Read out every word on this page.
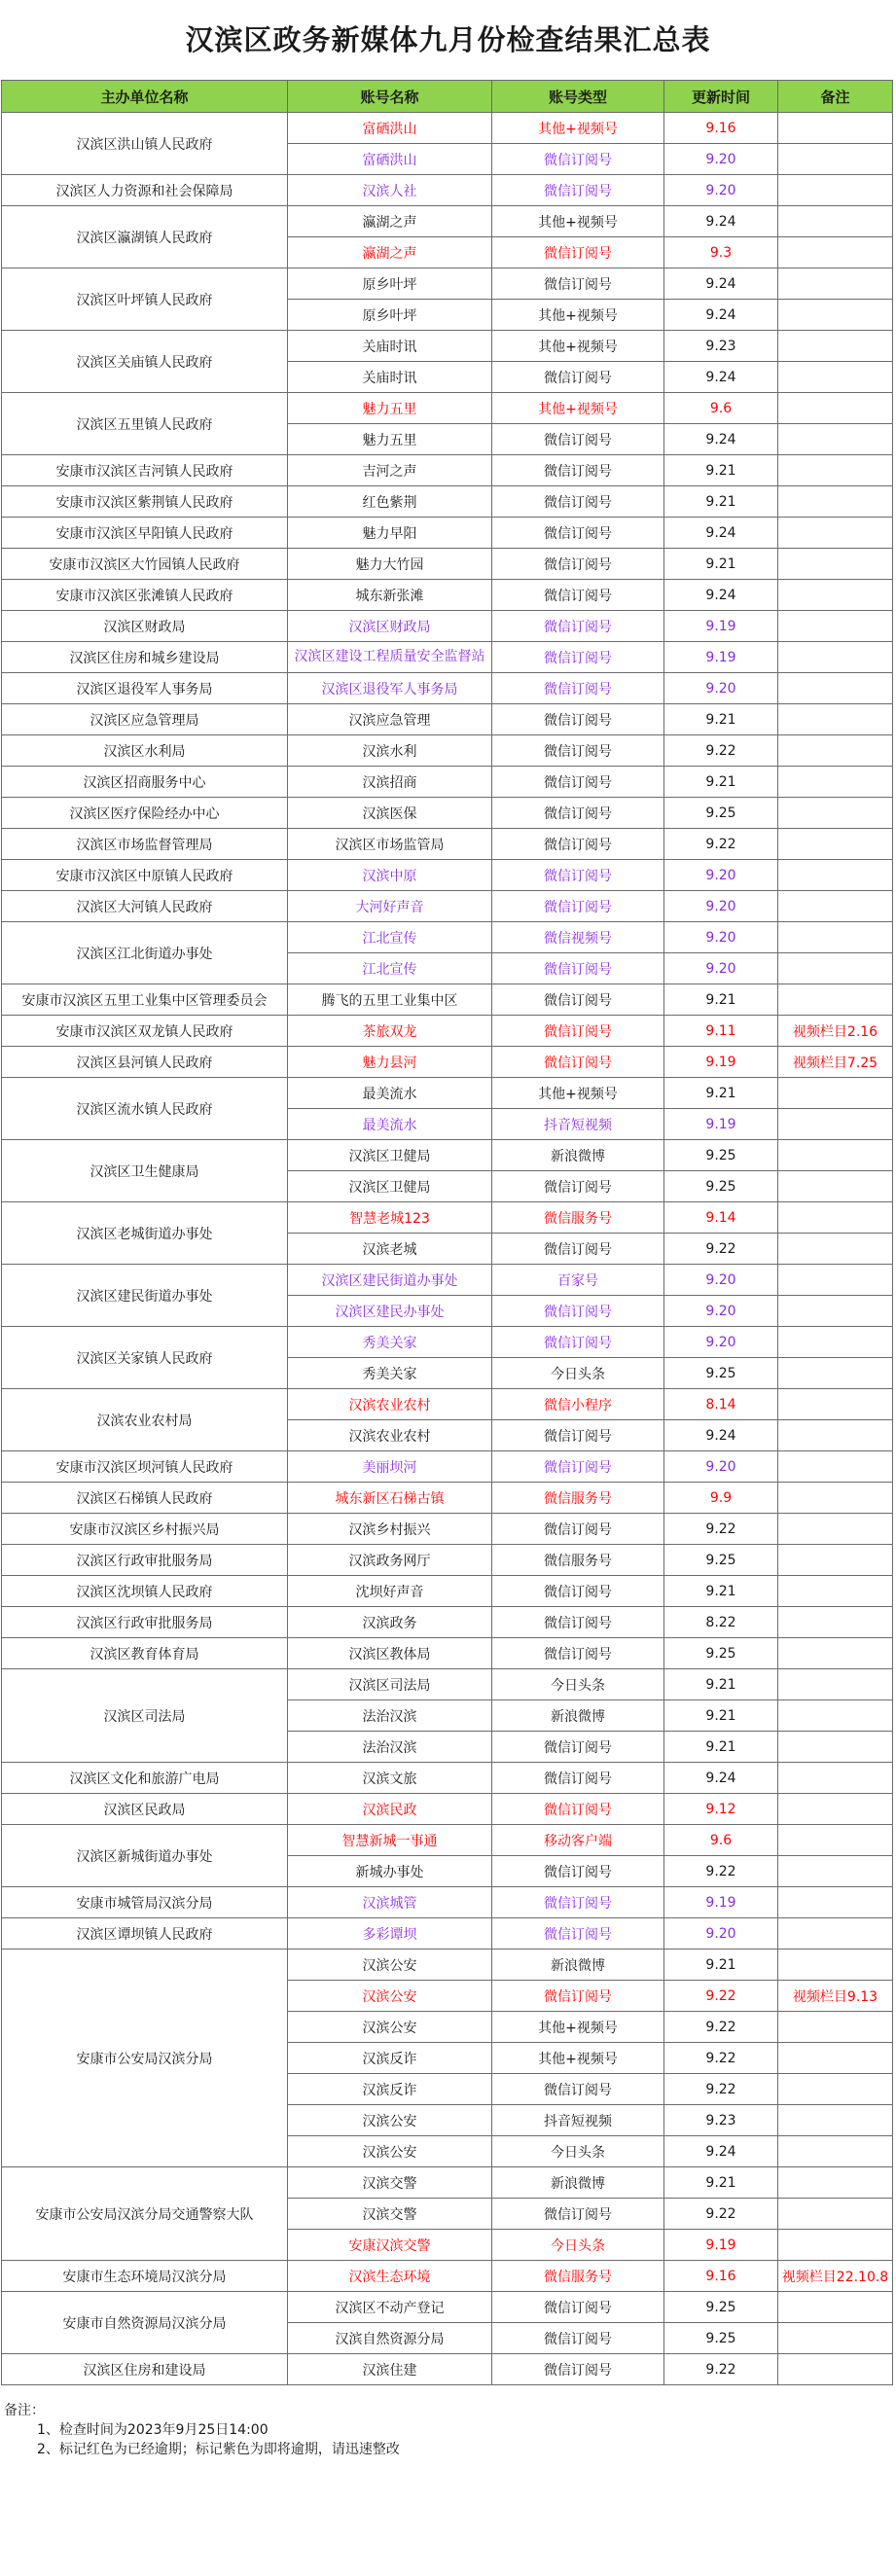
汉滨区政务新媒体九月份检查结果汇总表
主办单位名称	账号名称	账号类型	更新时间	备注
汉滨区洪山镇人民政府	富硒洪山	其他+视频号	9.16	
	富硒洪山	微信订阅号	9.20	
汉滨区人力资源和社会保障局	汉滨人社	微信订阅号	9.20	
汉滨区瀛湖镇人民政府	瀛湖之声	其他+视频号	9.24	
	瀛湖之声	微信订阅号	9.3	
汉滨区叶坪镇人民政府	原乡叶坪	微信订阅号	9.24	
	原乡叶坪	其他+视频号	9.24	
汉滨区关庙镇人民政府	关庙时讯	其他+视频号	9.23	
	关庙时讯	微信订阅号	9.24	
汉滨区五里镇人民政府	魅力五里	其他+视频号	9.6	
	魅力五里	微信订阅号	9.24	
安康市汉滨区吉河镇人民政府	吉河之声	微信订阅号	9.21	
安康市汉滨区紫荆镇人民政府	红色紫荆	微信订阅号	9.21	
安康市汉滨区早阳镇人民政府	魅力早阳	微信订阅号	9.24	
安康市汉滨区大竹园镇人民政府	魅力大竹园	微信订阅号	9.21	
安康市汉滨区张滩镇人民政府	城东新张滩	微信订阅号	9.24	
汉滨区财政局	汉滨区财政局	微信订阅号	9.19	
汉滨区住房和城乡建设局	汉滨区建设工程质量安全监督站	微信订阅号	9.19	
汉滨区退役军人事务局	汉滨区退役军人事务局	微信订阅号	9.20	
汉滨区应急管理局	汉滨应急管理	微信订阅号	9.21	
汉滨区水利局	汉滨水利	微信订阅号	9.22	
汉滨区招商服务中心	汉滨招商	微信订阅号	9.21	
汉滨区医疗保险经办中心	汉滨医保	微信订阅号	9.25	
汉滨区市场监督管理局	汉滨区市场监管局	微信订阅号	9.22	
安康市汉滨区中原镇人民政府	汉滨中原	微信订阅号	9.20	
汉滨区大河镇人民政府	大河好声音	微信订阅号	9.20	
汉滨区江北街道办事处	江北宣传	微信视频号	9.20	
	江北宣传	微信订阅号	9.20	
安康市汉滨区五里工业集中区管理委员会	腾飞的五里工业集中区	微信订阅号	9.21	
安康市汉滨区双龙镇人民政府	茶旅双龙	微信订阅号	9.11	视频栏目2.16
汉滨区县河镇人民政府	魅力县河	微信订阅号	9.19	视频栏目7.25
汉滨区流水镇人民政府	最美流水	其他+视频号	9.21	
	最美流水	抖音短视频	9.19	
汉滨区卫生健康局	汉滨区卫健局	新浪微博	9.25	
	汉滨区卫健局	微信订阅号	9.25	
汉滨区老城街道办事处	智慧老城123	微信服务号	9.14	
	汉滨老城	微信订阅号	9.22	
汉滨区建民街道办事处	汉滨区建民街道办事处	百家号	9.20	
	汉滨区建民办事处	微信订阅号	9.20	
汉滨区关家镇人民政府	秀美关家	微信订阅号	9.20	
	秀美关家	今日头条	9.25	
汉滨农业农村局	汉滨农业农村	微信小程序	8.14	
	汉滨农业农村	微信订阅号	9.24	
安康市汉滨区坝河镇人民政府	美丽坝河	微信订阅号	9.20	
汉滨区石梯镇人民政府	城东新区石梯古镇	微信服务号	9.9	
安康市汉滨区乡村振兴局	汉滨乡村振兴	微信订阅号	9.22	
汉滨区行政审批服务局	汉滨政务网厅	微信服务号	9.25	
汉滨区沈坝镇人民政府	沈坝好声音	微信订阅号	9.21	
汉滨区行政审批服务局	汉滨政务	微信订阅号	8.22	
汉滨区教育体育局	汉滨区教体局	微信订阅号	9.25	
汉滨区司法局	汉滨区司法局	今日头条	9.21	
	法治汉滨	新浪微博	9.21	
	法治汉滨	微信订阅号	9.21	
汉滨区文化和旅游广电局	汉滨文旅	微信订阅号	9.24	
汉滨区民政局	汉滨民政	微信订阅号	9.12	
汉滨区新城街道办事处	智慧新城一事通	移动客户端	9.6	
	新城办事处	微信订阅号	9.22	
安康市城管局汉滨分局	汉滨城管	微信订阅号	9.19	
汉滨区谭坝镇人民政府	多彩谭坝	微信订阅号	9.20	
安康市公安局汉滨分局	汉滨公安	新浪微博	9.21	
	汉滨公安	微信订阅号	9.22	视频栏目9.13
	汉滨公安	其他+视频号	9.22	
	汉滨反诈	其他+视频号	9.22	
	汉滨反诈	微信订阅号	9.22	
	汉滨公安	抖音短视频	9.23	
	汉滨公安	今日头条	9.24	
安康市公安局汉滨分局交通警察大队	汉滨交警	新浪微博	9.21	
	汉滨交警	微信订阅号	9.22	
	安康汉滨交警	今日头条	9.19	
安康市生态环境局汉滨分局	汉滨生态环境	微信服务号	9.16	视频栏目22.10.8
安康市自然资源局汉滨分局	汉滨区不动产登记	微信订阅号	9.25	
	汉滨自然资源分局	微信订阅号	9.25	
汉滨区住房和建设局	汉滨住建	微信订阅号	9.22	
备注：
1、检查时间为2023年9月25日14:00
2、标记红色为已经逾期；标记紫色为即将逾期，请迅速整改
